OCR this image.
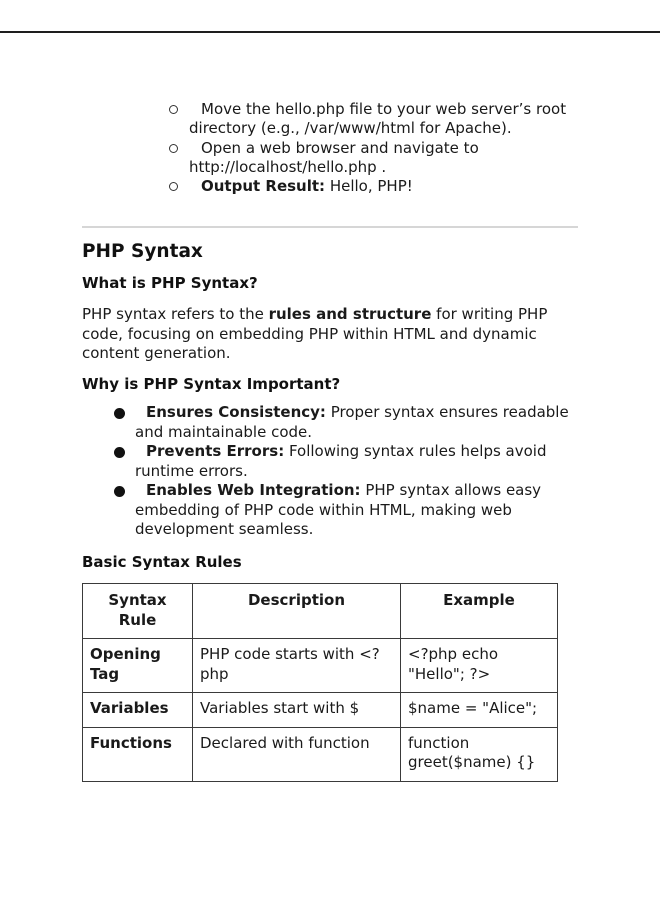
Move the hello.php file to your web server’s root directory (e.g., /var/www/html for Apache).
Open a web browser and navigate to http://localhost/hello.php .
Output Result: Hello, PHP!
PHP Syntax
What is PHP Syntax?

PHP syntax refers to the rules and structure for writing PHP code, focusing on embedding PHP within HTML and dynamic content generation.

Why is PHP Syntax Important?
Ensures Consistency: Proper syntax ensures readable and maintainable code.
Prevents Errors: Following syntax rules helps avoid runtime errors.
Enables Web Integration: PHP syntax allows easy embedding of PHP code within HTML, making web development seamless.
Basic Syntax Rules
Syntax Rule	Description	Example
Opening Tag	PHP code starts with <?php	<?php echo "Hello"; ?>
Variables	Variables start with $	$name = "Alice";
Functions	Declared with function	function greet($name) {}
